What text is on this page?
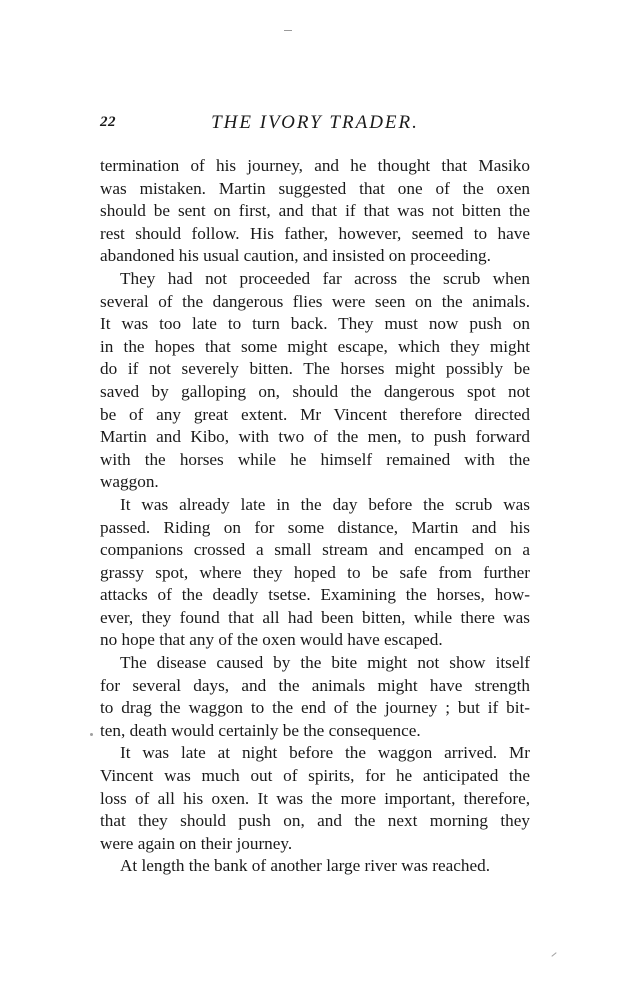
22	THE IVORY TRADER.
termination of his journey, and he thought that Masiko
was mistaken. Martin suggested that one of the oxen
should be sent on first, and that if that was not bitten the
rest should follow. His father, however, seemed to have
abandoned his usual caution, and insisted on proceeding.
They had not proceeded far across the scrub when
several of the dangerous flies were seen on the animals.
It was too late to turn back. They must now push on
in the hopes that some might escape, which they might
do if not severely bitten. The horses might possibly be
saved by galloping on, should the dangerous spot not
be of any great extent. Mr Vincent therefore directed
Martin and Kibo, with two of the men, to push forward
with the horses while he himself remained with the
waggon.
It was already late in the day before the scrub was
passed. Riding on for some distance, Martin and his
companions crossed a small stream and encamped on a
grassy spot, where they hoped to be safe from further
attacks of the deadly tsetse. Examining the horses, how-
ever, they found that all had been bitten, while there was
no hope that any of the oxen would have escaped.
The disease caused by the bite might not show itself
for several days, and the animals might have strength
to drag the waggon to the end of the journey ; but if bit-
ten, death would certainly be the consequence.
It was late at night before the waggon arrived. Mr
Vincent was much out of spirits, for he anticipated the
loss of all his oxen. It was the more important, therefore,
that they should push on, and the next morning they
were again on their journey.
At length the bank of another large river was reached.
